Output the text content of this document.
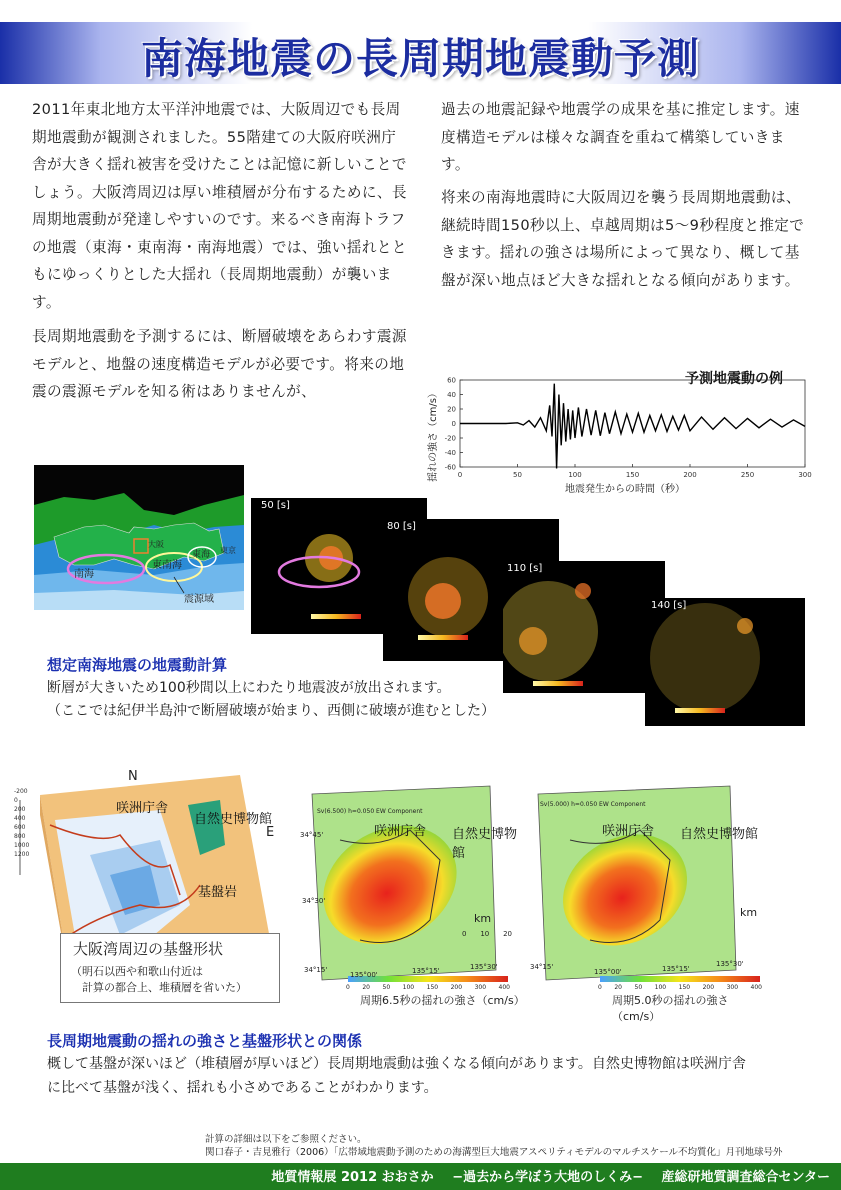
南海地震の長周期地震動予測
2011年東北地方太平洋沖地震では、大阪周辺でも長周期地震動が観測されました。55階建ての大阪府咲洲庁舎が大きく揺れ被害を受けたことは記憶に新しいことでしょう。大阪湾周辺は厚い堆積層が分布するために、長周期地震動が発達しやすいのです。来るべき南海トラフの地震（東海・東南海・南海地震）では、強い揺れとともにゆっくりとした大揺れ（長周期地震動）が襲います。
長周期地震動を予測するには、断層破壊をあらわす震源モデルと、地盤の速度構造モデルが必要です。将来の地震の震源モデルを知る術はありませんが、
過去の地震記録や地震学の成果を基に推定します。速度構造モデルは様々な調査を重ねて構築していきます。
将来の南海地震時に大阪周辺を襲う長周期地震動は、継続時間150秒以上、卓越周期は5〜9秒程度と推定できます。揺れの強さは場所によって異なり、概して基盤が深い地点ほど大きな揺れとなる傾向があります。
予測地震動の例
0	50	100	150	200	250	300
60
40
20
0
-20
-40
-60
地震発生からの時間（秒）
揺れの強さ（cm/s）
南海
東南海
東海 東京
大阪
震源域
50 [s]
80 [s]
110 [s]
140 [s]
想定南海地震の地震動計算
断層が大きいため100秒間以上にわたり地震波が放出されます。
（ここでは紀伊半島沖で断層破壊が始まり、西側に破壊が進むとした）
N
E
咲洲庁舎
自然史博物館
基盤岩
-200
0
200
400
600
800
1000
1200
大阪湾周辺の基盤形状
（明石以西や和歌山付近は
　計算の都合上、堆積層を省いた）
Sv(6.500) h=0.050 EW Component
咲洲庁舎 自然史博物館
34°45'
34°30'
34°15'
135°00'	135°15'	135°30'
km
0 10 20
0 20 50 100 150 200 300 400
周期6.5秒の揺れの強さ（cm/s）
Sv(5.000) h=0.050 EW Component
咲洲庁舎 自然史博物館
km
34°15'
135°00'	135°15'
135°30'
0 20 50 100 150 200 300 400
周期5.0秒の揺れの強さ（cm/s）
長周期地震動の揺れの強さと基盤形状との関係
概して基盤が深いほど（堆積層が厚いほど）長周期地震動は強くなる傾向があります。自然史博物館は咲洲庁舎に比べて基盤が浅く、揺れも小さめであることがわかります。
計算の詳細は以下をご参照ください。
関口春子・吉見雅行（2006）「広帯域地震動予測のための海溝型巨大地震アスペリティモデルのマルチスケール不均質化」月刊地球号外
地質情報展 2012 おおさか −過去から学ぼう大地のしくみ− 産総研地質調査総合センター
